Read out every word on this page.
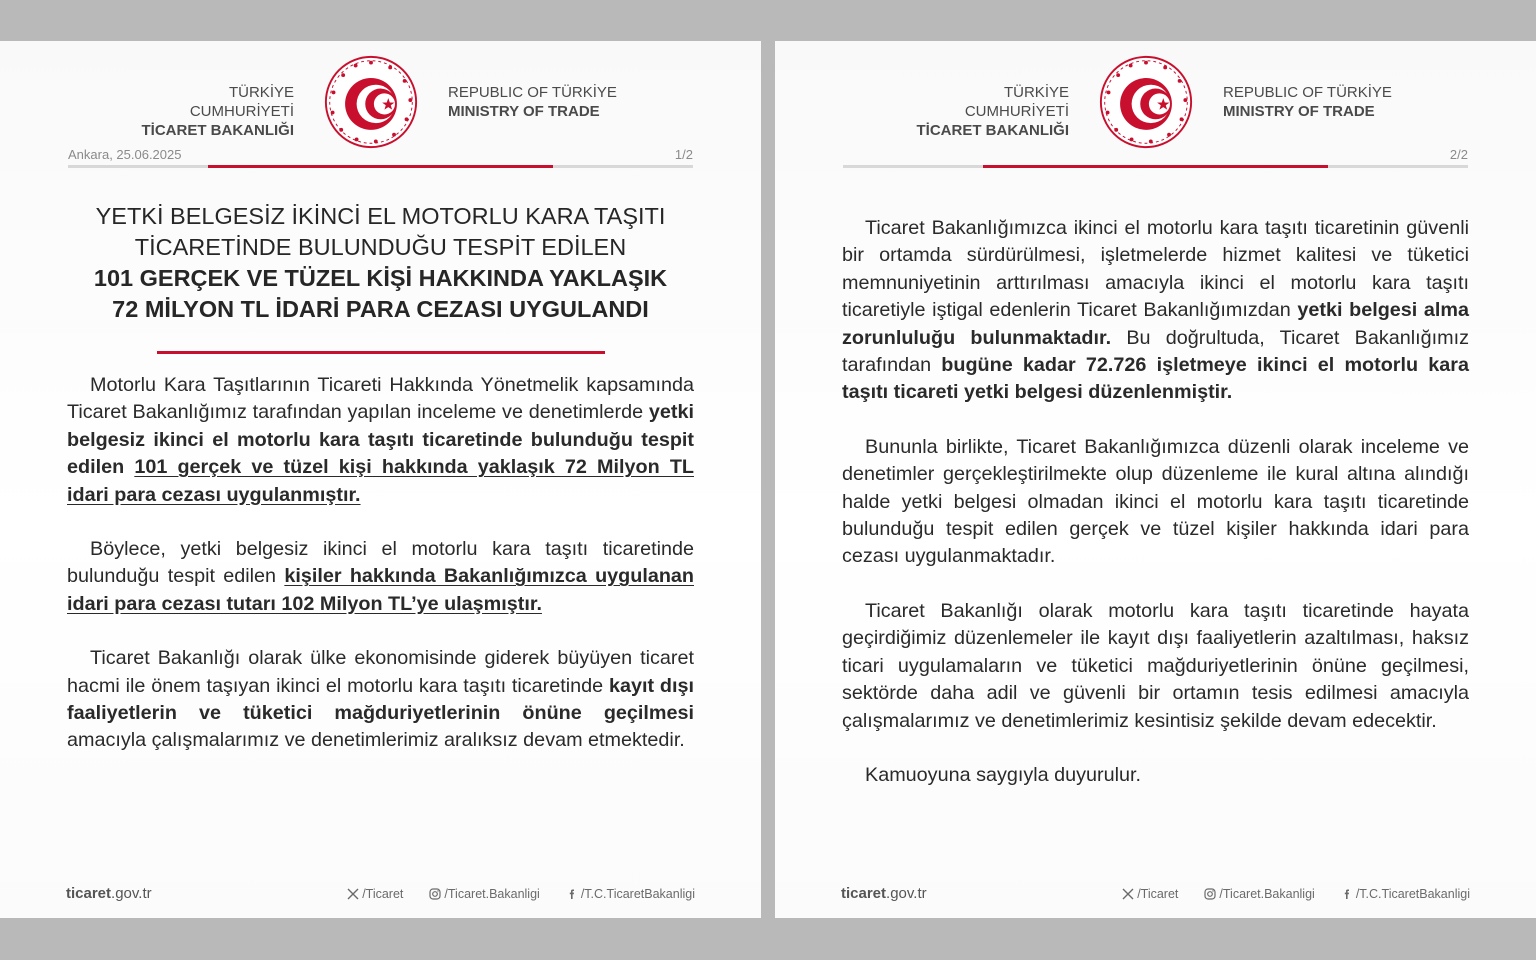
TÜRKİYE CUMHURİYETİ
TİCARET BAKANLIĞI
REPUBLIC OF TÜRKİYE
MINISTRY OF TRADE
Ankara, 25.06.2025	1/2
YETKİ BELGESİZ İKİNCİ EL MOTORLU KARA TAŞITI
TİCARETİNDE BULUNDUĞU TESPİT EDİLEN
101 GERÇEK VE TÜZEL KİŞİ HAKKINDA YAKLAŞIK
72 MİLYON TL İDARİ PARA CEZASI UYGULANDI

Motorlu Kara Taşıtlarının Ticareti Hakkında Yönetmelik kapsamında Ticaret Bakanlığımız tarafından yapılan inceleme ve denetimlerde yetki belgesiz ikinci el motorlu kara taşıtı ticaretinde bulunduğu tespit edilen 101 gerçek ve tüzel kişi hakkında yaklaşık 72 Milyon TL idari para cezası uygulanmıştır.

Böylece, yetki belgesiz ikinci el motorlu kara taşıtı ticaretinde bulunduğu tespit edilen kişiler hakkında Bakanlığımızca uygulanan idari para cezası tutarı 102 Milyon TL’ye ulaşmıştır.

Ticaret Bakanlığı olarak ülke ekonomisinde giderek büyüyen ticaret hacmi ile önem taşıyan ikinci el motorlu kara taşıtı ticaretinde kayıt dışı faaliyetlerin ve tüketici mağduriyetlerinin önüne geçilmesi amacıyla çalışmalarımız ve denetimlerimiz aralıksız devam etmektedir.

ticaret.gov.tr	/Ticaret	/Ticaret.Bakanligi	/T.C.TicaretBakanligi
TÜRKİYE CUMHURİYETİ
TİCARET BAKANLIĞI
REPUBLIC OF TÜRKİYE
MINISTRY OF TRADE
2/2

Ticaret Bakanlığımızca ikinci el motorlu kara taşıtı ticaretinin güvenli bir ortamda sürdürülmesi, işletmelerde hizmet kalitesi ve tüketici memnuniyetinin arttırılması amacıyla ikinci el motorlu kara taşıtı ticaretiyle iştigal edenlerin Ticaret Bakanlığımızdan yetki belgesi alma zorunluluğu bulunmaktadır. Bu doğrultuda, Ticaret Bakanlığımız tarafından bugüne kadar 72.726 işletmeye ikinci el motorlu kara taşıtı ticareti yetki belgesi düzenlenmiştir.

Bununla birlikte, Ticaret Bakanlığımızca düzenli olarak inceleme ve denetimler gerçekleştirilmekte olup düzenleme ile kural altına alındığı halde yetki belgesi olmadan ikinci el motorlu kara taşıtı ticaretinde bulunduğu tespit edilen gerçek ve tüzel kişiler hakkında idari para cezası uygulanmaktadır.

Ticaret Bakanlığı olarak motorlu kara taşıtı ticaretinde hayata geçirdiğimiz düzenlemeler ile kayıt dışı faaliyetlerin azaltılması, haksız ticari uygulamaların ve tüketici mağduriyetlerinin önüne geçilmesi, sektörde daha adil ve güvenli bir ortamın tesis edilmesi amacıyla çalışmalarımız ve denetimlerimiz kesintisiz şekilde devam edecektir.

Kamuoyuna saygıyla duyurulur.

ticaret.gov.tr	/Ticaret	/Ticaret.Bakanligi	/T.C.TicaretBakanligi
